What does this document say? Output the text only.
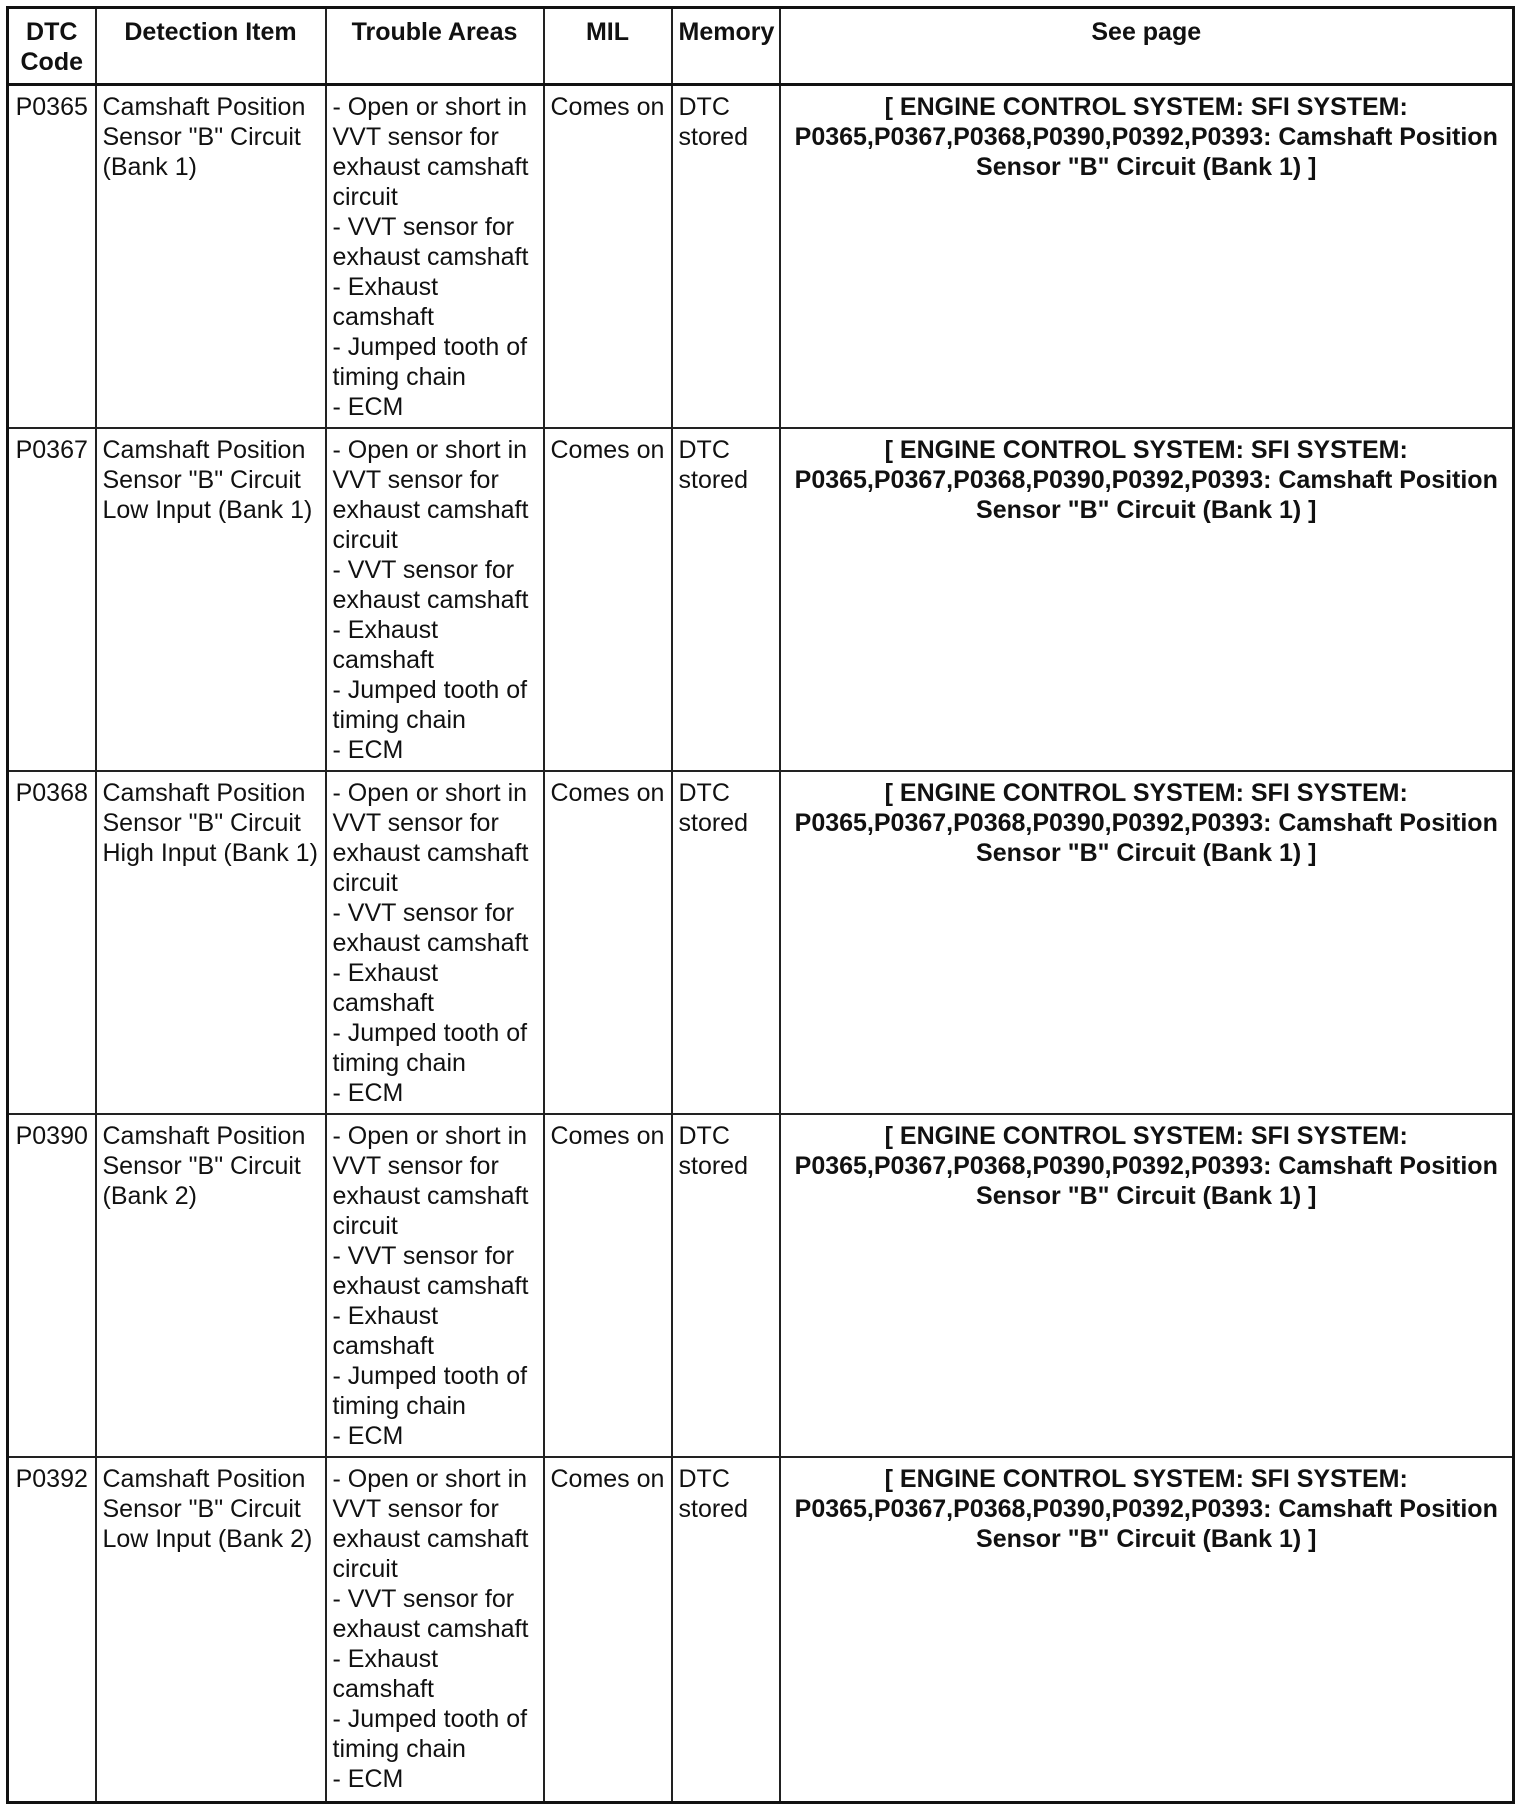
DTC Code	Detection Item	Trouble Areas	MIL	Memory	See page

P0365	Camshaft Position Sensor "B" Circuit (Bank 1)	- Open or short in VVT sensor for exhaust camshaft circuit
- VVT sensor for exhaust camshaft
- Exhaust camshaft
- Jumped tooth of timing chain
- ECM	Comes on	DTC stored	[ ENGINE CONTROL SYSTEM: SFI SYSTEM: P0365,P0367,P0368,P0390,P0392,P0393: Camshaft Position Sensor "B" Circuit (Bank 1) ]
P0367	Camshaft Position Sensor "B" Circuit Low Input (Bank 1)	- Open or short in VVT sensor for exhaust camshaft circuit
- VVT sensor for exhaust camshaft
- Exhaust camshaft
- Jumped tooth of timing chain
- ECM	Comes on	DTC stored	[ ENGINE CONTROL SYSTEM: SFI SYSTEM: P0365,P0367,P0368,P0390,P0392,P0393: Camshaft Position Sensor "B" Circuit (Bank 1) ]
P0368	Camshaft Position Sensor "B" Circuit High Input (Bank 1)	- Open or short in VVT sensor for exhaust camshaft circuit
- VVT sensor for exhaust camshaft
- Exhaust camshaft
- Jumped tooth of timing chain
- ECM	Comes on	DTC stored	[ ENGINE CONTROL SYSTEM: SFI SYSTEM: P0365,P0367,P0368,P0390,P0392,P0393: Camshaft Position Sensor "B" Circuit (Bank 1) ]
P0390	Camshaft Position Sensor "B" Circuit (Bank 2)	- Open or short in VVT sensor for exhaust camshaft circuit
- VVT sensor for exhaust camshaft
- Exhaust camshaft
- Jumped tooth of timing chain
- ECM	Comes on	DTC stored	[ ENGINE CONTROL SYSTEM: SFI SYSTEM: P0365,P0367,P0368,P0390,P0392,P0393: Camshaft Position Sensor "B" Circuit (Bank 1) ]
P0392	Camshaft Position Sensor "B" Circuit Low Input (Bank 2)	- Open or short in VVT sensor for exhaust camshaft circuit
- VVT sensor for exhaust camshaft
- Exhaust camshaft
- Jumped tooth of timing chain
- ECM	Comes on	DTC stored	[ ENGINE CONTROL SYSTEM: SFI SYSTEM: P0365,P0367,P0368,P0390,P0392,P0393: Camshaft Position Sensor "B" Circuit (Bank 1) ]
